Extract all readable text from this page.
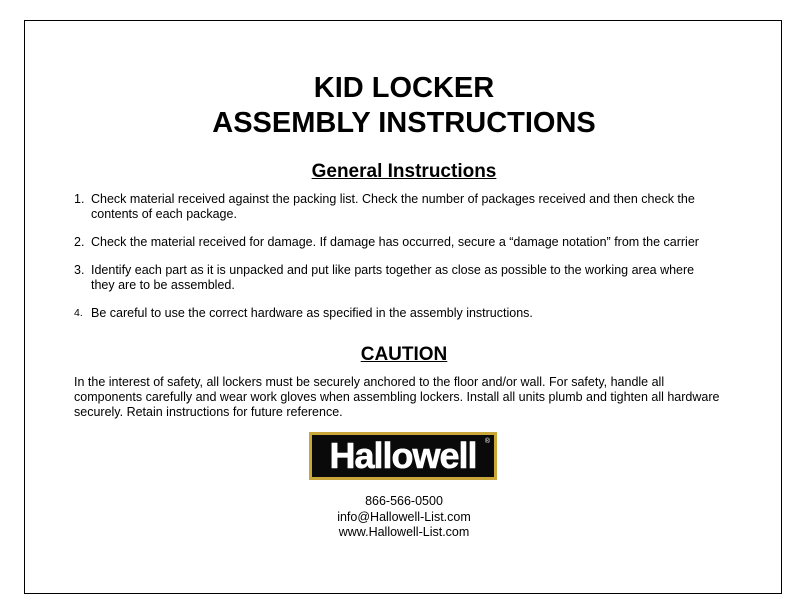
KID LOCKER
ASSEMBLY INSTRUCTIONS
General Instructions
1. Check material received against the packing list. Check the number of packages received and then check the contents of each package.
2. Check the material received for damage. If damage has occurred, secure a “damage notation” from the carrier
3. Identify each part as it is unpacked and put like parts together as close as possible to the working area where they are to be assembled.
4. Be careful to use the correct hardware as specified in the assembly instructions.
CAUTION

In the interest of safety, all lockers must be securely anchored to the floor and/or wall. For safety, handle all components carefully and wear work gloves when assembling lockers. Install all units plumb and tighten all hardware securely. Retain instructions for future reference.

Hallowell ®
866-566-0500
info@Hallowell-List.com
www.Hallowell-List.com
